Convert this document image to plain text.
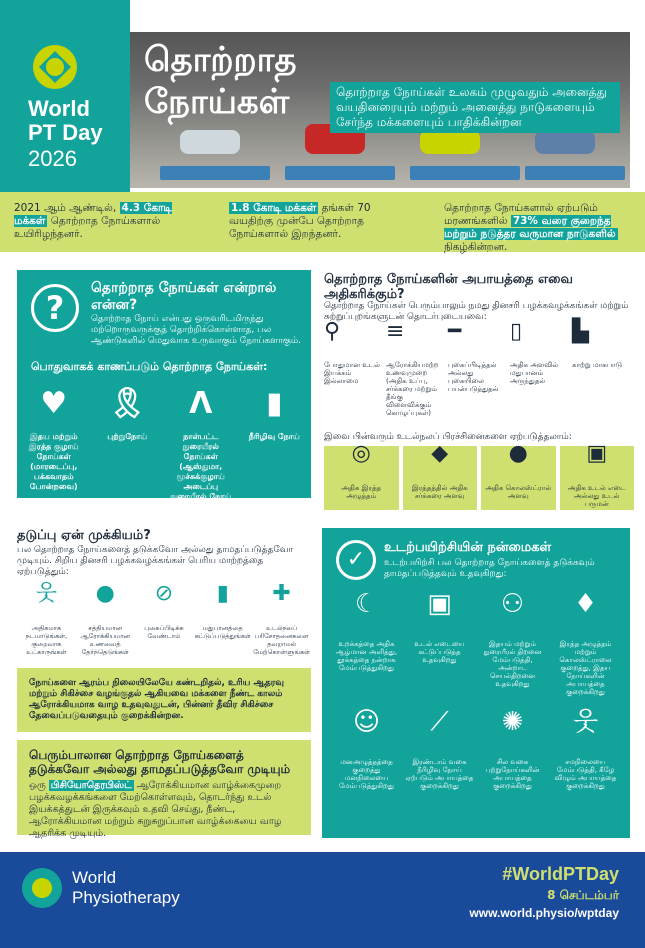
World
PT Day
2026
தொற்றாத
நோய்கள்	தொற்றாத நோய்கள் உலகம் முழுவதும் அனைத்து வயதினரையும் மற்றும் அனைத்து நாடுகளையும் சேர்ந்த மக்களையும் பாதிக்கின்றன
2021 ஆம் ஆண்டில், 4.3 கோடி மக்கள் தொற்றாத நோய்களால் உயிரிழந்தனர்.
1.8 கோடி மக்கள் தங்கள் 70 வயதிற்கு முன்பே தொற்றாத நோய்களால் இறந்தனர்.
தொற்றாத நோய்களால் ஏற்படும் மரணங்களில் 73% வரை குறைந்த மற்றும் நடுத்தர வருமான நாடுகளில் நிகழ்கின்றன.
?
தொற்றாத நோய்கள் என்றால் என்ன?
தொற்றாத நோய் என்பது ஒருவரிடமிருந்து மற்றொருவருக்குத் தொற்றிக்கொள்ளாத, பல ஆண்டுகளில் மெதுவாக உருவாகும் நோய்களாகும்.
பொதுவாகக் காணப்படும் தொற்றாத நோய்கள்:
♥
இதய மற்றும் இரத்த குழாய் நோய்கள் (மாரடைப்பு, பக்கவாதம் போன்றவை)
🎗
புற்றுநோய்
ᐱ
நாள்பட்ட நுரையீரல் நோய்கள் (ஆஸ்துமா, மூச்சுக்குழாய் அடைப்பு நுரையீரல் நோய் போன்றவை)
▮
நீரிழிவு நோய்
தொற்றாத நோய்களின் அபாயத்தை எவை அதிகரிக்கும்?
தொற்றாத நோய்கள் பெரும்பாலும் நமது தினசரி பழக்கவழக்கங்கள் மற்றும் சுற்றுப்புறங்களுடன் தொடர்புடையவை:
⚲
போதுமான உடல் இயக்கம் இல்லாமை
≡
ஆரோக்கியமற்ற உணவுமுறை (அதிக உப்பு, சர்க்கரை மற்றும் தீங்கு விளைவிக்கும் கொழுப்புகள்)
━
புகைப்பிடித்தல் அல்லது புகையிலை பயன்படுத்துதல்
▯
அதிக அளவில் மதுபானம் அருந்துதல்
▙
காற்று மாசுபாடு
இவை பின்வரும் உடல்நலப் பிரச்சினைகளை ஏற்படுத்தலாம்:
◎
அதிக இரத்த அழுத்தம்
◆
இரத்தத்தில் அதிக சர்க்கரை அளவு
●
அதிக கொலஸ்ட்ரால் அளவு
▣
அதிக உடல் எடை அல்லது உடல் பருமன்
தடுப்பு ஏன் முக்கியம்?
பல தொற்றாத நோய்களைத் தடுக்கவோ அல்லது தாமதப்படுத்தவோ முடியும். சிறிய தினசரி பழக்கவழக்கங்கள் பெரிய மாற்றத்தை ஏற்படுத்தும்:
웃
அதிகமாக நடமாடுங்கள், குறைவாக உட்காருங்கள்
●
சத்தியமான ஆரோக்கியமான உணவைத் தேர்ந்தெடுங்கள்
⊘
புகைப்பிடிக்க வேண்டாம்
▮
மதுபானத்தை கட்டுப்படுத்துங்கள்
✚
உடல்நலப் பரிசோதனைகளை தவறாமல் மேற்கொள்ளுங்கள்
நோய்களை ஆரம்ப நிலையிலேயே கண்டறிதல், உரிய ஆதரவு மற்றும் சிகிச்சை வழங்குதல் ஆகியவை மக்களை நீண்ட காலம் ஆரோக்கியமாக வாழ உதவுவதுடன், பின்னர் தீவிர சிகிச்சை தேவைப்படுவதையும் குறைக்கின்றன.
பெரும்பாலான தொற்றாத நோய்களைத் தடுக்கவோ அல்லது தாமதப்படுத்தவோ முடியும்
ஒரு பிசியோதெரபிஸ்ட் ஆரோக்கியமான வாழ்க்கைமுறை பழக்கவழக்கங்களை மேற்கொள்ளவும், தொடர்ந்து உடல் இயக்கத்துடன் இருக்கவும் உதவி செய்து, நீண்ட, ஆரோக்கியமான மற்றும் சுறுசுறுப்பான வாழ்க்கையை வாழ ஆதரிக்க முடியும்.
✓	உடற்பயிற்சியின் நன்மைகள்
உடற்பயிற்சி பல தொற்றாத நோய்களைத் தடுக்கவும் தாமதப்படுத்தவும் உதவுகிறது:
☾
உறக்கத்தை அதிக ஆழ்மான அளித்து, தூக்கத்தை நன்றாக மேம்படுத்துகிறது
▣
உடல் எடையை கட்டுப்படுத்த உதவுகிறது
⚇
இதயம் மற்றும் நுரையீரல் திறனை மேம்படுத்தி, அன்றாட செயல்திறனை உதவுகிறது
♦
இரத்த அழுத்தம் மற்றும் கொலஸ்ட்ராலை குறைத்து, இதய நோய்களின் அபாயத்தை குறைக்கிறது
☺
மனஅழுத்தத்தை குறைத்து மனநிலையை மேம்படுத்துகிறது
⟋
இரண்டாம் வகை நீரிழிவு நோய் ஏற்படும் அபாயத்தை குறைக்கிறது
✺
சில வகை புற்றுநோய்களின் அபாயத்தை குறைக்கிறது
웃
சமநிலையை மேம்படுத்தி, கீழே விழும் அபாயத்தை குறைக்கிறது
World
Physiotherapy
#WorldPTDay
8 செப்டம்பர்
www.world.physio/wptday
